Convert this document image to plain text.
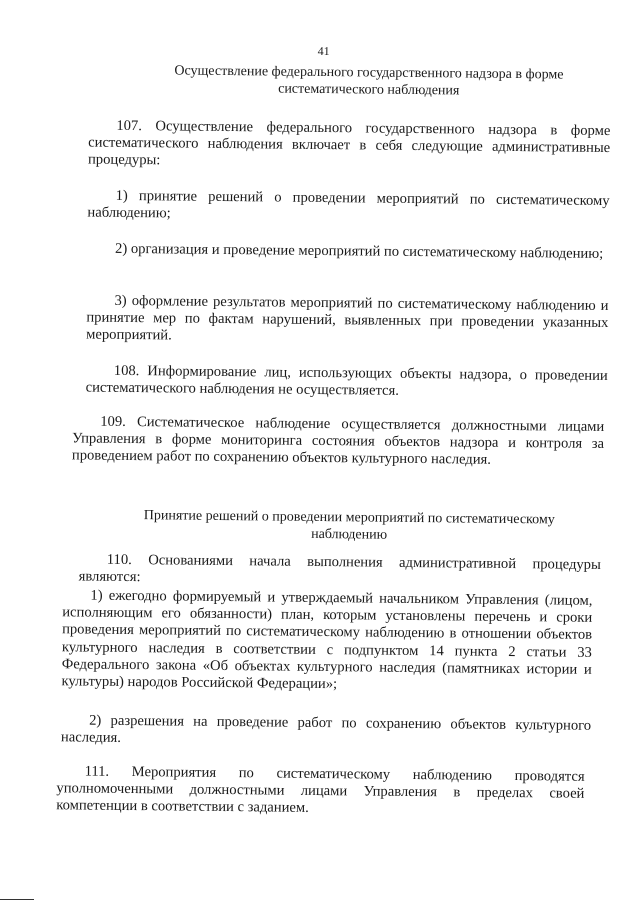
41
Осуществление федерального государственного надзора в форме систематического наблюдения
107. Осуществление федерального государственного надзора в форме систематического наблюдения включает в себя следующие административные процедуры:
1) принятие решений о проведении мероприятий по систематическому наблюдению;
2) организация и проведение мероприятий по систематическому наблюдению;
3) оформление результатов мероприятий по систематическому наблюдению и принятие мер по фактам нарушений, выявленных при проведении указанных мероприятий.
108. Информирование лиц, использующих объекты надзора, о проведении систематического наблюдения не осуществляется.
109. Систематическое наблюдение осуществляется должностными лицами Управления в форме мониторинга состояния объектов надзора и контроля за проведением работ по сохранению объектов культурного наследия.
Принятие решений о проведении мероприятий по систематическому наблюдению
110. Основаниями начала выполнения административной процедуры являются:
1) ежегодно формируемый и утверждаемый начальником Управления (лицом, исполняющим его обязанности) план, которым установлены перечень и сроки проведения мероприятий по систематическому наблюдению в отношении объектов культурного наследия в соответствии с подпунктом 14 пункта 2 статьи 33 Федерального закона «Об объектах культурного наследия (памятниках истории и культуры) народов Российской Федерации»;
2) разрешения на проведение работ по сохранению объектов культурного наследия.
111. Мероприятия по систематическому наблюдению проводятся уполномоченными должностными лицами Управления в пределах своей компетенции в соответствии с заданием.
